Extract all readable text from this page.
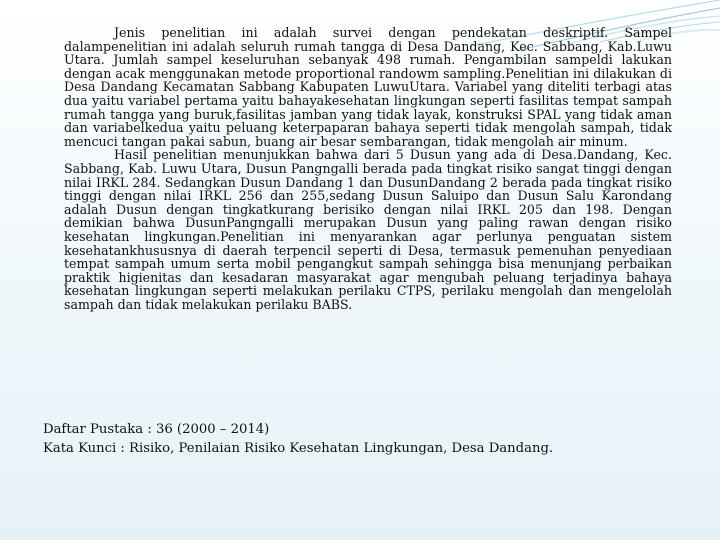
Jenis penelitian ini adalah survei dengan pendekatan deskriptif. Sampel dalampenelitian ini adalah seluruh rumah tangga di Desa Dandang, Kec. Sabbang, Kab.Luwu Utara. Jumlah sampel keseluruhan sebanyak 498 rumah. Pengambilan sampeldi lakukan dengan acak menggunakan metode proportional randowm sampling.Penelitian ini dilakukan di Desa Dandang Kecamatan Sabbang Kabupaten LuwuUtara. Variabel yang diteliti terbagi atas dua yaitu variabel pertama yaitu bahayakesehatan lingkungan seperti fasilitas tempat sampah rumah tangga yang buruk,fasilitas jamban yang tidak layak, konstruksi SPAL yang tidak aman dan variabelkedua yaitu peluang keterpaparan bahaya seperti tidak mengolah sampah, tidak mencuci tangan pakai sabun, buang air besar sembarangan, tidak mengolah air minum.

Hasil penelitian menunjukkan bahwa dari 5 Dusun yang ada di Desa.Dandang, Kec. Sabbang, Kab. Luwu Utara, Dusun Pangngalli berada pada tingkat risiko sangat tinggi dengan nilai IRKL 284. Sedangkan Dusun Dandang 1 dan DusunDandang 2 berada pada tingkat risiko tinggi dengan nilai IRKL 256 dan 255,sedang Dusun Saluipo dan Dusun Salu Karondang adalah Dusun dengan tingkatkurang berisiko dengan nilai IRKL 205 dan 198. Dengan demikian bahwa DusunPangngalli merupakan Dusun yang paling rawan dengan risiko kesehatan lingkungan.Penelitian ini menyarankan agar perlunya penguatan sistem kesehatankhususnya di daerah terpencil seperti di Desa, termasuk pemenuhan penyediaan tempat sampah umum serta mobil pengangkut sampah sehingga bisa menunjang perbaikan praktik higienitas dan kesadaran masyarakat agar mengubah peluang terjadinya bahaya kesehatan lingkungan seperti melakukan perilaku CTPS, perilaku mengolah dan mengelolah sampah dan tidak melakukan perilaku BABS.

Daftar Pustaka : 36 (2000 – 2014)
Kata Kunci : Risiko, Penilaian Risiko Kesehatan Lingkungan, Desa Dandang.
